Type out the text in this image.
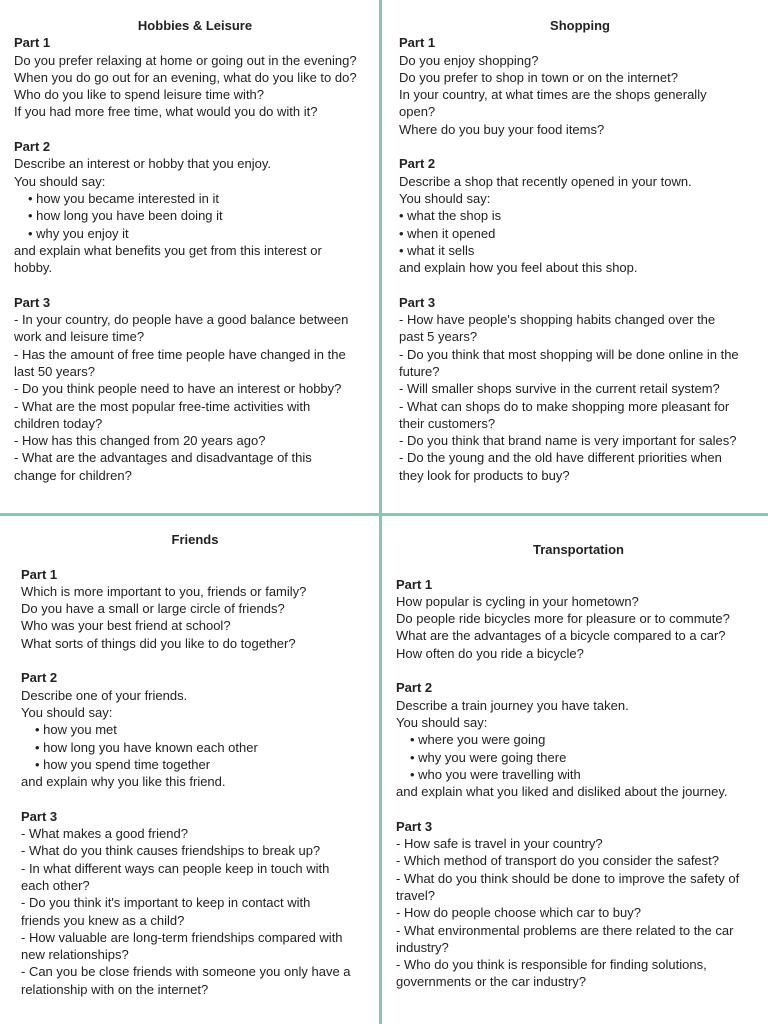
Hobbies & Leisure
Part 1
Do you prefer relaxing at home or going out in the evening?
When you do go out for an evening, what do you like to do?
Who do you like to spend leisure time with?
If you had more free time, what would you do with it?
Part 2
Describe an interest or hobby that you enjoy.
You should say:
• how you became interested in it
• how long you have been doing it
• why you enjoy it
and explain what benefits you get from this interest or
hobby.
Part 3
- In your country, do people have a good balance between
work and leisure time?
- Has the amount of free time people have changed in the
last 50 years?
- Do you think people need to have an interest or hobby?
- What are the most popular free-time activities with
children today?
- How has this changed from 20 years ago?
- What are the advantages and disadvantage of this
change for children?
Shopping
Part 1
Do you enjoy shopping?
Do you prefer to shop in town or on the internet?
In your country, at what times are the shops generally
open?
Where do you buy your food items?
Part 2
Describe a shop that recently opened in your town.
You should say:
• what the shop is
• when it opened
• what it sells
and explain how you feel about this shop.
Part 3
- How have people's shopping habits changed over the
past 5 years?
- Do you think that most shopping will be done online in the
future?
- Will smaller shops survive in the current retail system?
- What can shops do to make shopping more pleasant for
their customers?
- Do you think that brand name is very important for sales?
- Do the young and the old have different priorities when
they look for products to buy?
Friends
Part 1
Which is more important to you, friends or family?
Do you have a small or large circle of friends?
Who was your best friend at school?
What sorts of things did you like to do together?
Part 2
Describe one of your friends.
You should say:
• how you met
• how long you have known each other
• how you spend time together
and explain why you like this friend.
Part 3
- What makes a good friend?
- What do you think causes friendships to break up?
- In what different ways can people keep in touch with
each other?
- Do you think it's important to keep in contact with
friends you knew as a child?
- How valuable are long-term friendships compared with
new relationships?
- Can you be close friends with someone you only have a
relationship with on the internet?
Transportation
Part 1
How popular is cycling in your hometown?
Do people ride bicycles more for pleasure or to commute?
What are the advantages of a bicycle compared to a car?
How often do you ride a bicycle?
Part 2
Describe a train journey you have taken.
You should say:
• where you were going
• why you were going there
• who you were travelling with
and explain what you liked and disliked about the journey.
Part 3
- How safe is travel in your country?
- Which method of transport do you consider the safest?
- What do you think should be done to improve the safety of
travel?
- How do people choose which car to buy?
- What environmental problems are there related to the car
industry?
- Who do you think is responsible for finding solutions,
governments or the car industry?
